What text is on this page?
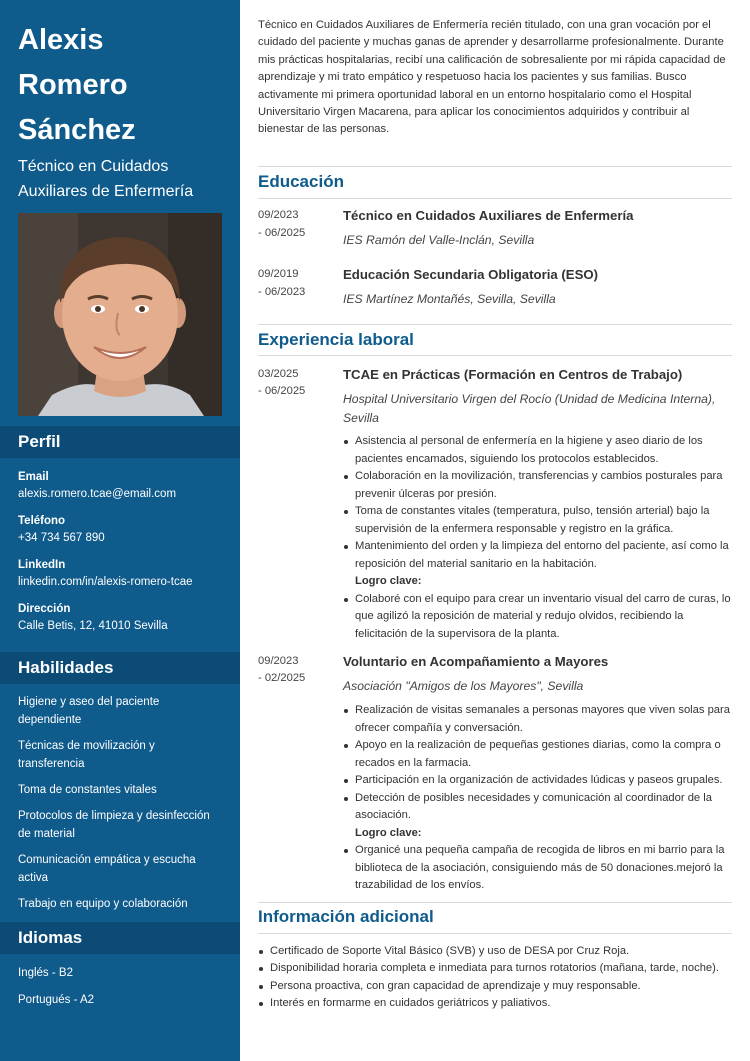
Alexis
Romero
Sánchez
Técnico en Cuidados Auxiliares de Enfermería
Perfil
Email
alexis.romero.tcae@email.com
Teléfono
+34 734 567 890
LinkedIn
linkedin.com/in/alexis-romero-tcae
Dirección
Calle Betis, 12, 41010 Sevilla
Habilidades
Higiene y aseo del paciente dependiente
Técnicas de movilización y transferencia
Toma de constantes vitales
Protocolos de limpieza y desinfección de material
Comunicación empática y escucha activa
Trabajo en equipo y colaboración
Idiomas
Inglés - B2
Portugués - A2
Técnico en Cuidados Auxiliares de Enfermería recién titulado, con una gran vocación por el cuidado del paciente y muchas ganas de aprender y desarrollarme profesionalmente. Durante mis prácticas hospitalarias, recibí una calificación de sobresaliente por mi rápida capacidad de aprendizaje y mi trato empático y respetuoso hacia los pacientes y sus familias. Busco activamente mi primera oportunidad laboral en un entorno hospitalario como el Hospital Universitario Virgen Macarena, para aplicar los conocimientos adquiridos y contribuir al bienestar de las personas.
Educación
09/2023
- 06/2025
Técnico en Cuidados Auxiliares de Enfermería
IES Ramón del Valle-Inclán, Sevilla
09/2019
- 06/2023
Educación Secundaria Obligatoria (ESO)
IES Martínez Montañés, Sevilla, Sevilla
Experiencia laboral
03/2025
- 06/2025
TCAE en Prácticas (Formación en Centros de Trabajo)
Hospital Universitario Virgen del Rocío (Unidad de Medicina Interna), Sevilla
Asistencia al personal de enfermería en la higiene y aseo diario de los pacientes encamados, siguiendo los protocolos establecidos.
Colaboración en la movilización, transferencias y cambios posturales para prevenir úlceras por presión.
Toma de constantes vitales (temperatura, pulso, tensión arterial) bajo la supervisión de la enfermera responsable y registro en la gráfica.
Mantenimiento del orden y la limpieza del entorno del paciente, así como la reposición del material sanitario en la habitación.
Logro clave:
Colaboré con el equipo para crear un inventario visual del carro de curas, lo que agilizó la reposición de material y redujo olvidos, recibiendo la felicitación de la supervisora de la planta.
09/2023
- 02/2025
Voluntario en Acompañamiento a Mayores
Asociación "Amigos de los Mayores", Sevilla
Realización de visitas semanales a personas mayores que viven solas para ofrecer compañía y conversación.
Apoyo en la realización de pequeñas gestiones diarias, como la compra o recados en la farmacia.
Participación en la organización de actividades lúdicas y paseos grupales.
Detección de posibles necesidades y comunicación al coordinador de la asociación.
Logro clave:
Organicé una pequeña campaña de recogida de libros en mi barrio para la biblioteca de la asociación, consiguiendo más de 50 donaciones.mejoró la trazabilidad de los envíos.
Información adicional
Certificado de Soporte Vital Básico (SVB) y uso de DESA por Cruz Roja.
Disponibilidad horaria completa e inmediata para turnos rotatorios (mañana, tarde, noche).
Persona proactiva, con gran capacidad de aprendizaje y muy responsable.
Interés en formarme en cuidados geriátricos y paliativos.
